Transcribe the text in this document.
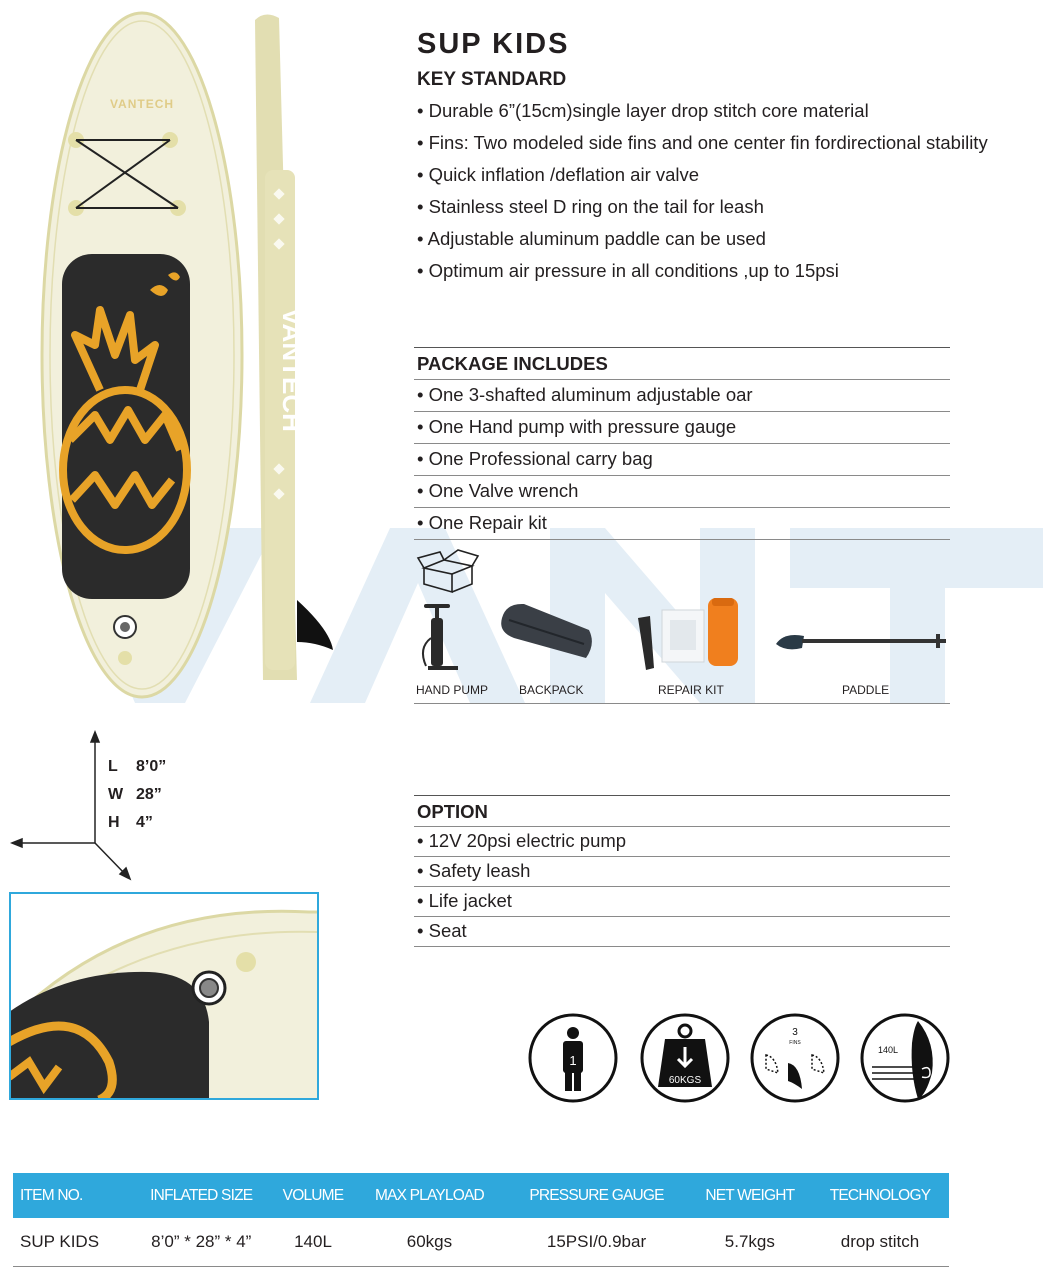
VANTECH
VANTECH
SUP KIDS
KEY STANDARD
• Durable 6”(15cm)single layer drop stitch core material
• Fins: Two modeled side fins and one center fin fordirectional stability
• Quick inflation /deflation air valve
• Stainless steel D ring on the tail for leash
• Adjustable aluminum paddle can be used
• Optimum air pressure in all conditions ,up to 15psi
PACKAGE INCLUDES
• One 3-shafted aluminum adjustable oar
• One Hand pump with pressure gauge
• One Professional carry bag
• One Valve wrench
• One Repair kit
HAND PUMP	BACKPACK	REPAIR KIT	PADDLE
L 8’0”
W 28”
H 4”
OPTION
• 12V 20psi electric pump
• Safety leash
• Life jacket
• Seat
1
60KGS
3
FINS
140L
ITEM NO.	INFLATED SIZE	VOLUME	MAX PLAYLOAD	PRESSURE GAUGE	NET WEIGHT	TECHNOLOGY
SUP KIDS	8’0” * 28” * 4”	140L	60kgs	15PSI/0.9bar	5.7kgs	drop stitch
